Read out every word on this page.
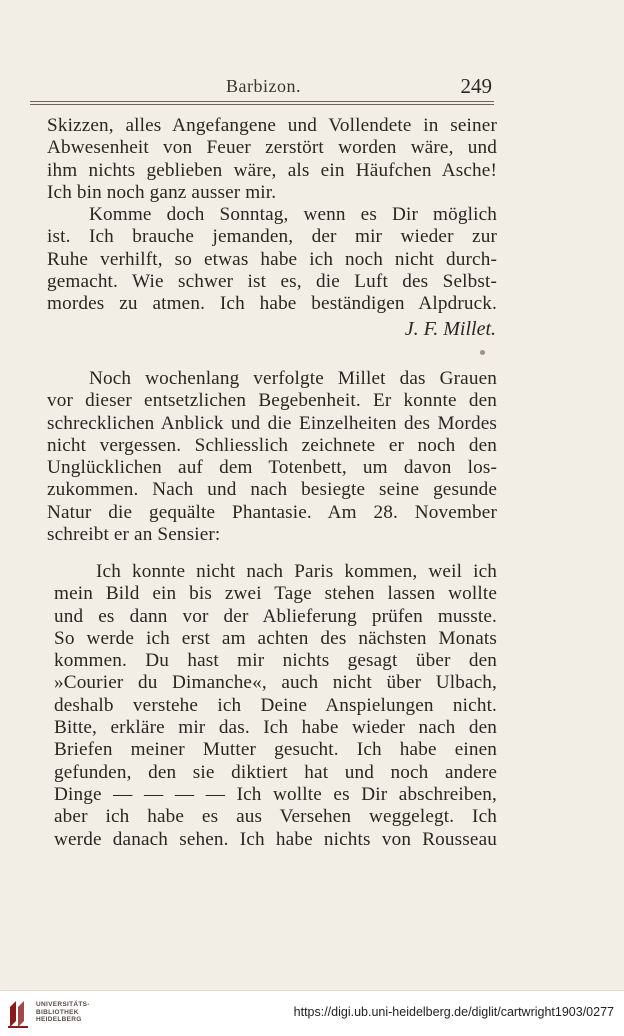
Barbizon.	249
Skizzen, alles Angefangene und Vollendete in seiner
Abwesenheit von Feuer zerstört worden wäre, und
ihm nichts geblieben wäre, als ein Häufchen Asche!
Ich bin noch ganz ausser mir.
Komme doch Sonntag, wenn es Dir möglich
ist. Ich brauche jemanden, der mir wieder zur
Ruhe verhilft, so etwas habe ich noch nicht durch-
gemacht. Wie schwer ist es, die Luft des Selbst-
mordes zu atmen. Ich habe beständigen Alpdruck.
J. F. Millet.
Noch wochenlang verfolgte Millet das Grauen
vor dieser entsetzlichen Begebenheit. Er konnte den
schrecklichen Anblick und die Einzelheiten des Mordes
nicht vergessen. Schliesslich zeichnete er noch den
Unglücklichen auf dem Totenbett, um davon los-
zukommen. Nach und nach besiegte seine gesunde
Natur die gequälte Phantasie. Am 28. November
schreibt er an Sensier:
Ich konnte nicht nach Paris kommen, weil ich
mein Bild ein bis zwei Tage stehen lassen wollte
und es dann vor der Ablieferung prüfen musste.
So werde ich erst am achten des nächsten Monats
kommen. Du hast mir nichts gesagt über den
»Courier du Dimanche«, auch nicht über Ulbach,
deshalb verstehe ich Deine Anspielungen nicht.
Bitte, erkläre mir das. Ich habe wieder nach den
Briefen meiner Mutter gesucht. Ich habe einen
gefunden, den sie diktiert hat und noch andere
Dinge — — — — Ich wollte es Dir abschreiben,
aber ich habe es aus Versehen weggelegt. Ich
werde danach sehen. Ich habe nichts von Rousseau
UNIVERSITÄTS-
BIBLIOTHEK
HEIDELBERG
https://digi.ub.uni-heidelberg.de/diglit/cartwright1903/0277
